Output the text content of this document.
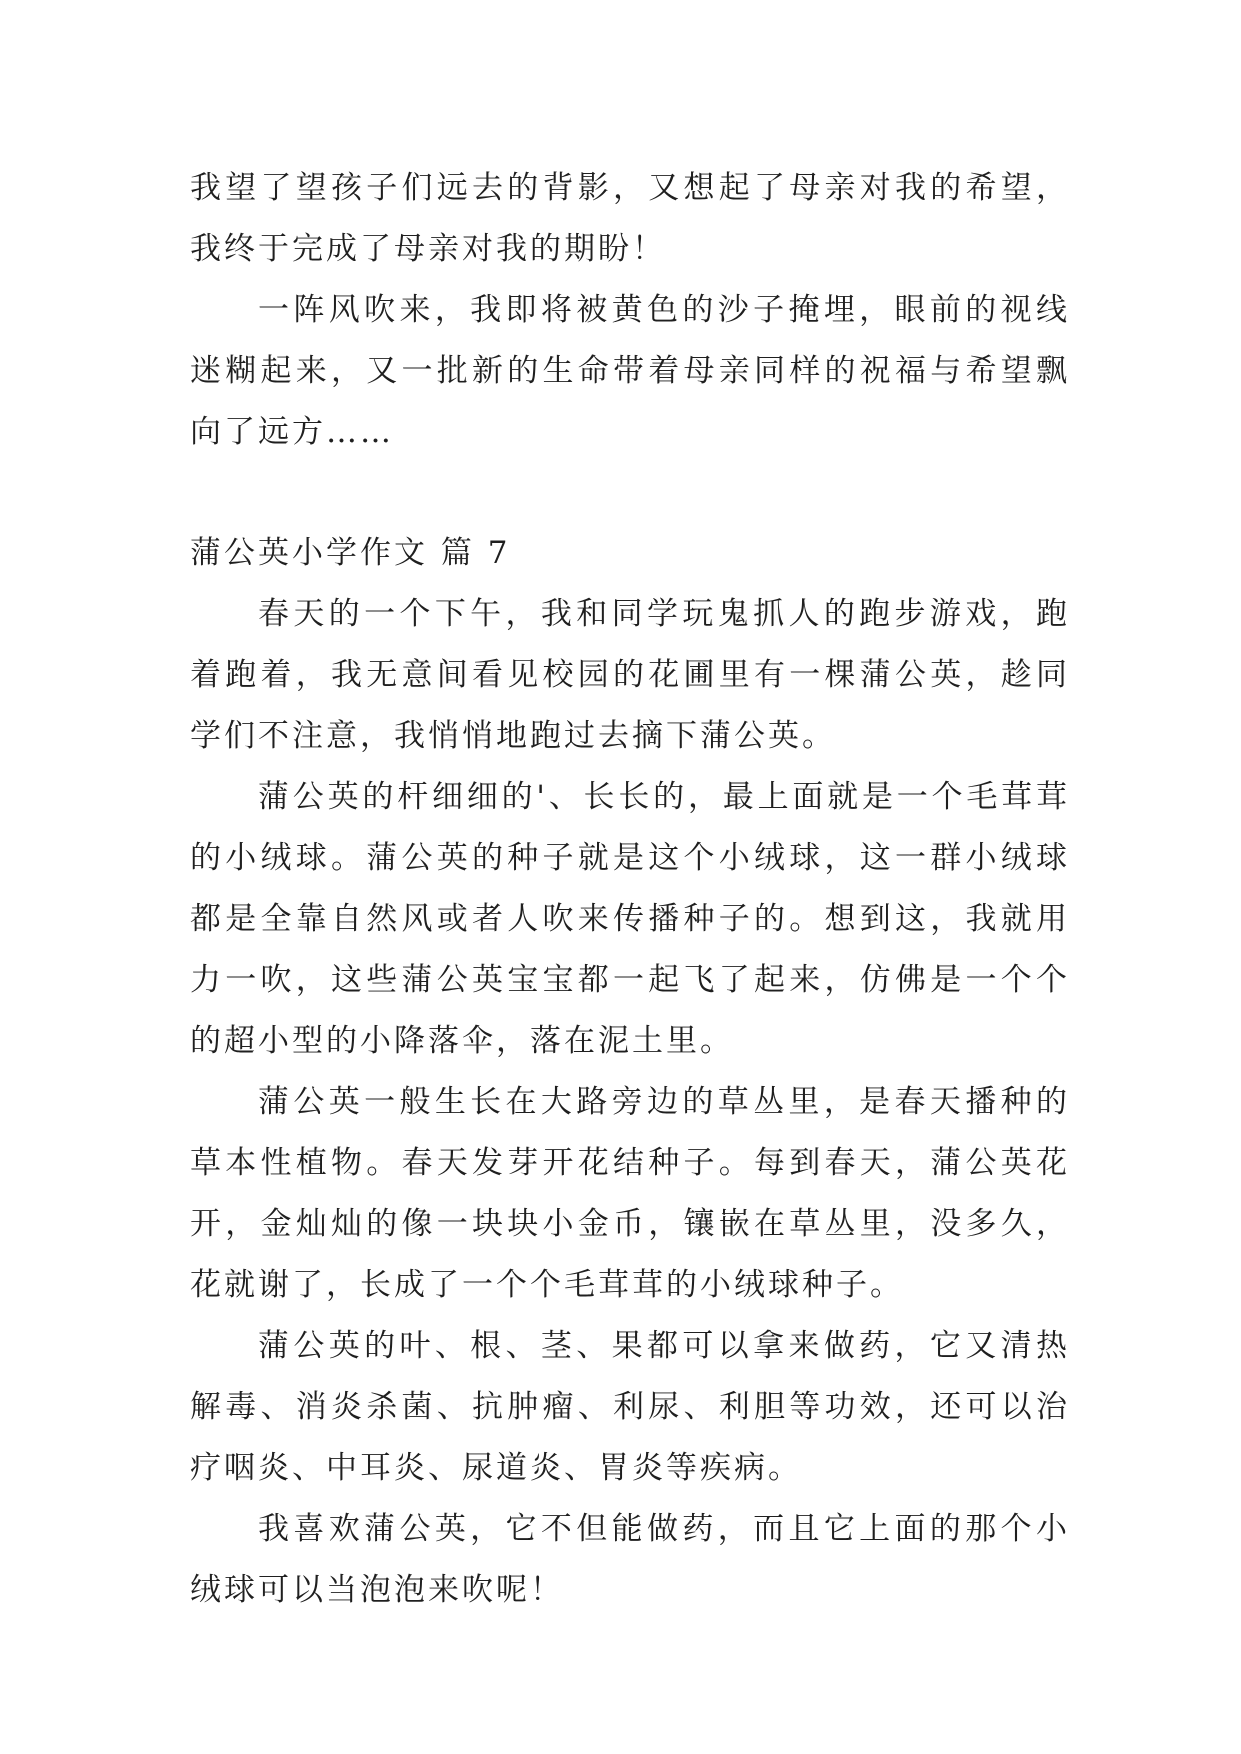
我望了望孩子们远去的背影，又想起了母亲对我的希望，我终于完成了母亲对我的期盼！

一阵风吹来，我即将被黄色的沙子掩埋，眼前的视线迷糊起来，又一批新的生命带着母亲同样的祝福与希望飘向了远方……

蒲公英小学作文 篇 7

春天的一个下午，我和同学玩鬼抓人的跑步游戏，跑着跑着，我无意间看见校园的花圃里有一棵蒲公英，趁同学们不注意，我悄悄地跑过去摘下蒲公英。

蒲公英的杆细细的'、长长的，最上面就是一个毛茸茸的小绒球。蒲公英的种子就是这个小绒球，这一群小绒球都是全靠自然风或者人吹来传播种子的。想到这，我就用力一吹，这些蒲公英宝宝都一起飞了起来，仿佛是一个个的超小型的小降落伞，落在泥土里。

蒲公英一般生长在大路旁边的草丛里，是春天播种的草本性植物。春天发芽开花结种子。每到春天，蒲公英花开，金灿灿的像一块块小金币，镶嵌在草丛里，没多久，花就谢了，长成了一个个毛茸茸的小绒球种子。

蒲公英的叶、根、茎、果都可以拿来做药，它又清热解毒、消炎杀菌、抗肿瘤、利尿、利胆等功效，还可以治疗咽炎、中耳炎、尿道炎、胃炎等疾病。

我喜欢蒲公英，它不但能做药，而且它上面的那个小绒球可以当泡泡来吹呢！
